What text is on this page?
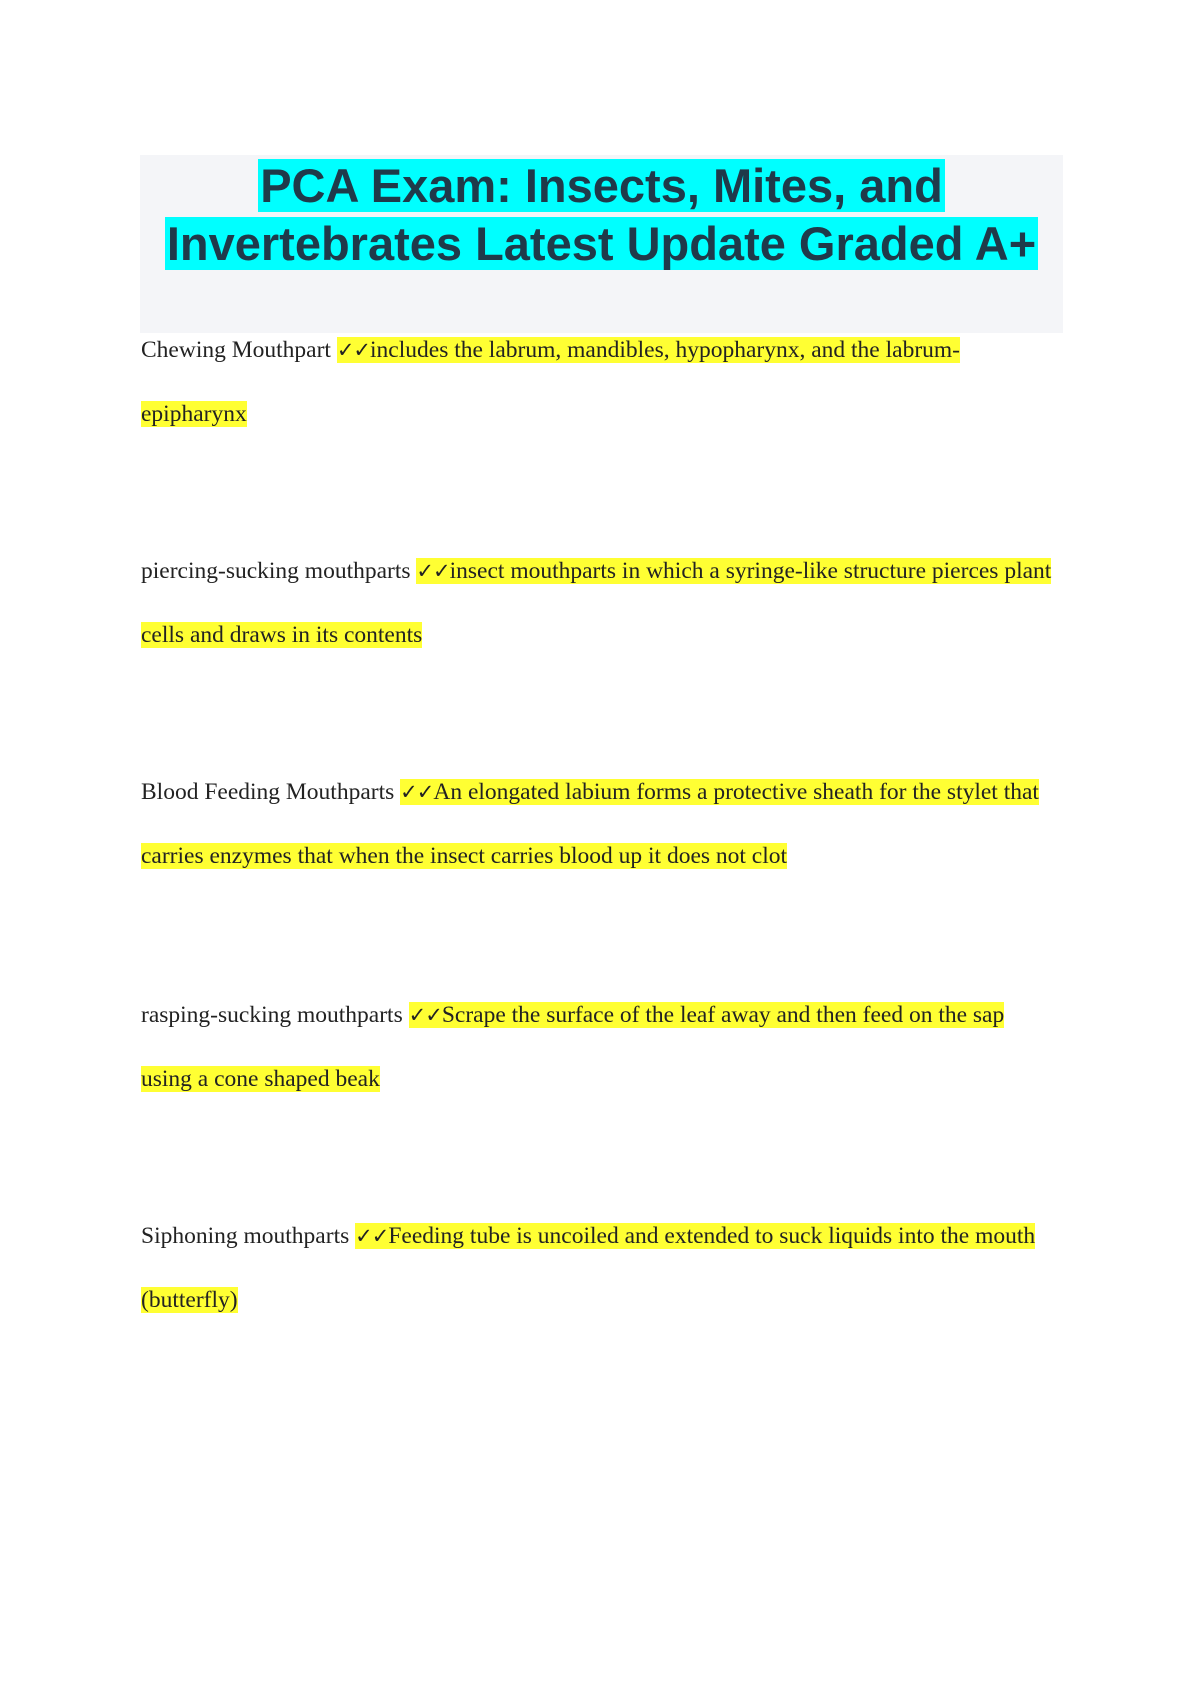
PCA Exam: Insects, Mites, and Invertebrates Latest Update Graded A+

Chewing Mouthpart ✓✓includes the labrum, mandibles, hypopharynx, and the labrum-epipharynx

piercing-sucking mouthparts ✓✓insect mouthparts in which a syringe-like structure pierces plant cells and draws in its contents

Blood Feeding Mouthparts ✓✓An elongated labium forms a protective sheath for the stylet that carries enzymes that when the insect carries blood up it does not clot

rasping-sucking mouthparts ✓✓Scrape the surface of the leaf away and then feed on the sap using a cone shaped beak

Siphoning mouthparts ✓✓Feeding tube is uncoiled and extended to suck liquids into the mouth (butterfly)
